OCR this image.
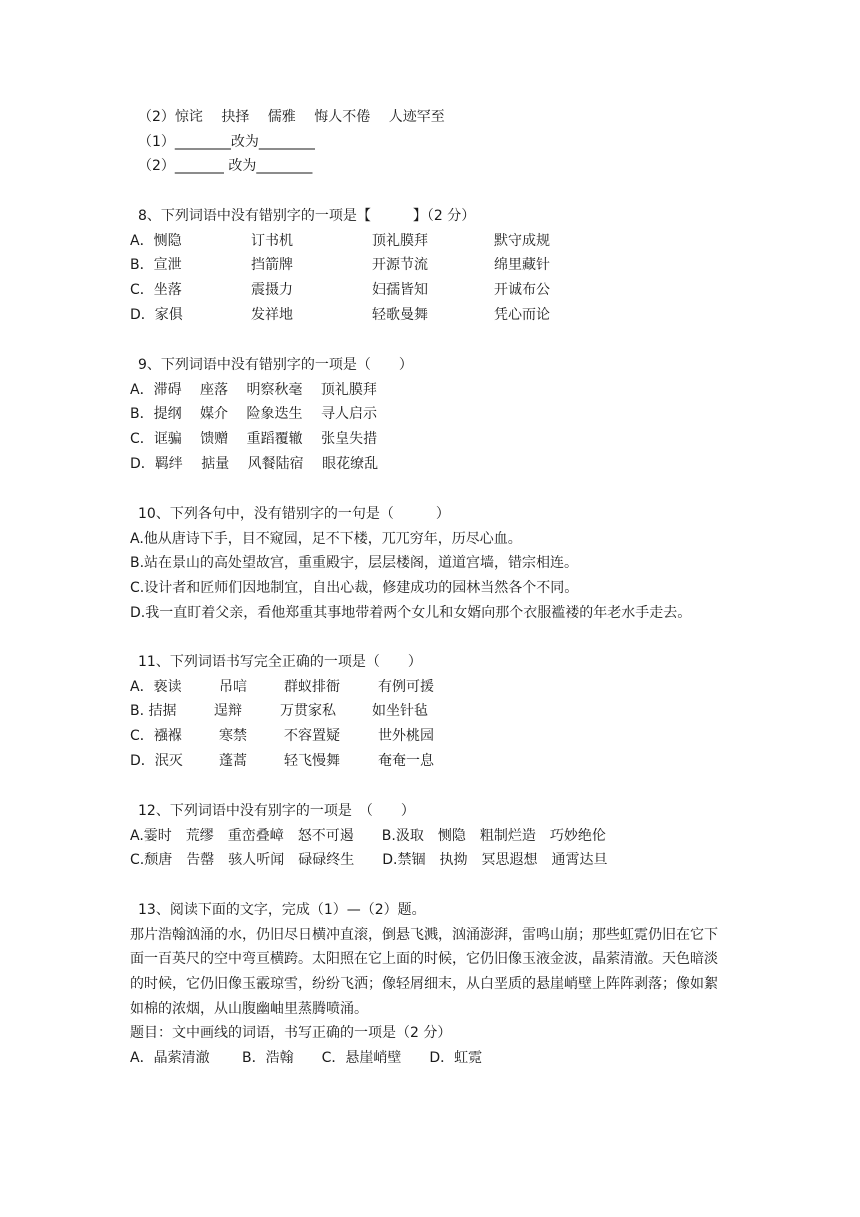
（2）惊诧　 抉择　 儒雅　 悔人不倦　 人迹罕至
（1）________改为________
（2）_______ 改为________
8、下列词语中没有错别字的一项是【　　　】（2 分）
A．恻隐	订书机	顶礼膜拜	默守成规
B．宣泄	挡箭牌	开源节流	绵里藏针
C．坐落	震摄力	妇孺皆知	开诚布公
D．家俱	发祥地	轻歌曼舞	凭心而论
9、下列词语中没有错别字的一项是（　　）
A．滞碍　 座落　 明察秋毫　 顶礼膜拜
B．提纲　 媒介　 险象迭生　 寻人启示
C．诓骗　 馈赠　 重蹈覆辙　 张皇失措
D．羁绊　 掂量　 风餐陆宿　 眼花缭乱
10、下列各句中，没有错别字的一句是（　　　）
A.他从唐诗下手，目不窥园，足不下楼，兀兀穷年，历尽心血。
B.站在景山的高处望故宫，重重殿宇，层层楼阁，道道宫墙，错宗相连。
C.设计者和匠师们因地制宜，自出心裁，修建成功的园林当然各个不同。
D.我一直盯着父亲，看他郑重其事地带着两个女儿和女婿向那个衣服褴褛的年老水手走去。
11、下列词语书写完全正确的一项是（　　）
A．亵读	吊唁	群蚁排衙	有例可援
B. 拮据	逞辩	万贯家私	如坐针毡
C．襁褓	寒禁	不容置疑	世外桃园
D．泯灭	蓬蒿	轻飞慢舞	奄奄一息
12、下列词语中没有别字的一项是　（　　）
A.霎时　荒缪　重峦叠嶂　怒不可遏　　B.汲取　恻隐　粗制烂造　巧妙绝伦
C.颓唐　告罄　骇人听闻　碌碌终生　　D.禁锢　执拗　冥思遐想　通霄达旦
13、阅读下面的文字，完成（1）—（2）题。
那片浩翰汹涌的水，仍旧尽日横冲直滚，倒悬飞溅，汹涌澎湃，雷鸣山崩；那些虹霓仍旧在它下
面一百英尺的空中弯亘横跨。太阳照在它上面的时候，它仍旧像玉液金波，晶萦清澈。天色暗淡
的时候，它仍旧像玉霰琼雪，纷纷飞洒；像轻屑细末，从白垩质的悬崖峭壁上阵阵剥落；像如絮
如棉的浓烟，从山腹幽岫里蒸腾喷涌。
题目：文中画线的词语，书写正确的一项是（2 分）
A．晶萦清澈　　 B．浩翰　　C．悬崖峭壁　　D．虹霓
